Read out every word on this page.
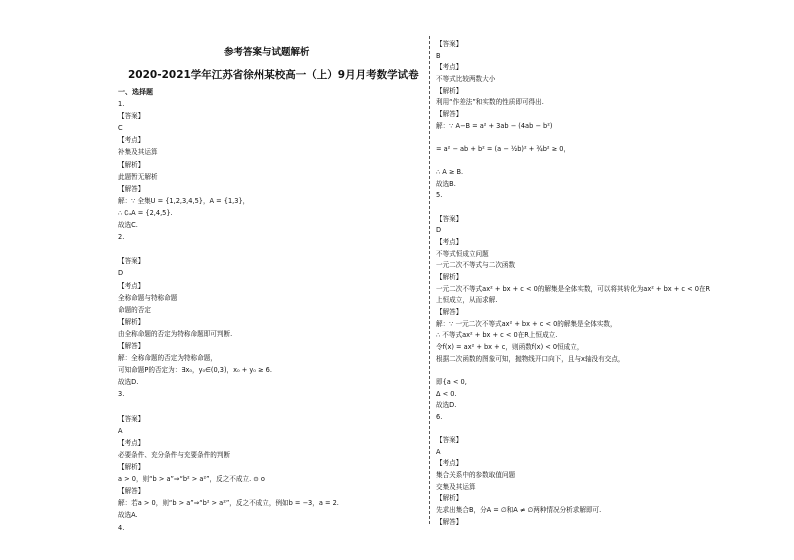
参考答案与试题解析
2020-2021学年江苏省徐州某校高一（上）9月月考数学试卷
一、选择题
1.
【答案】
C
【考点】
补集及其运算
【解析】
此题暂无解析
【解答】
解：∵ 全集U = {1,2,3,4,5}，A = {1,3}，
∴ ∁ᵤA = {2,4,5}.
故选C.
2.
【答案】
D
【考点】
全称命题与特称命题
命题的否定
【解析】
由全称命题的否定为特称命题即可判断.
【解答】
解：全称命题的否定为特称命题，
可知命题P的否定为：∃x₀，y₀∈(0,3)，x₀ + y₀ ≥ 6.
故选D.
3.
【答案】
A
【考点】
必要条件、充分条件与充要条件的判断
【解析】
a > 0，则“b > a”⇒“b² > a²”，反之不成立. ⊙ o
【解答】
解：若a > 0，则“b > a”⇒“b² > a²”，反之不成立，例如b = −3，a = 2.
故选A.
4.
【答案】
B
【考点】
不等式比较两数大小
【解析】
利用“作差法”和实数的性质即可得出.
【解答】
解：∵ A−B = a² + 3ab − (4ab − b²)
= a² − ab + b² = (a − ½b)² + ¾b² ≥ 0，
∴ A ≥ B.
故选B.
5.
【答案】
D
【考点】
不等式恒成立问题
一元二次不等式与二次函数
【解析】
一元二次不等式ax² + bx + c < 0的解集是全体实数，可以将其转化为ax² + bx + c < 0在R
上恒成立，从而求解.
【解答】
解：∵ 一元二次不等式ax² + bx + c < 0的解集是全体实数，
∴ 不等式ax² + bx + c < 0在R上恒成立.
令f(x) = ax² + bx + c，则函数f(x) < 0恒成立，
根据二次函数的图象可知，抛物线开口向下，且与x轴没有交点，
即{a < 0,
Δ < 0.
故选D.
6.
【答案】
A
【考点】
集合关系中的参数取值问题
交集及其运算
【解析】
先求出集合B，分A = ∅和A ≠ ∅两种情况分析求解即可.
【解答】
